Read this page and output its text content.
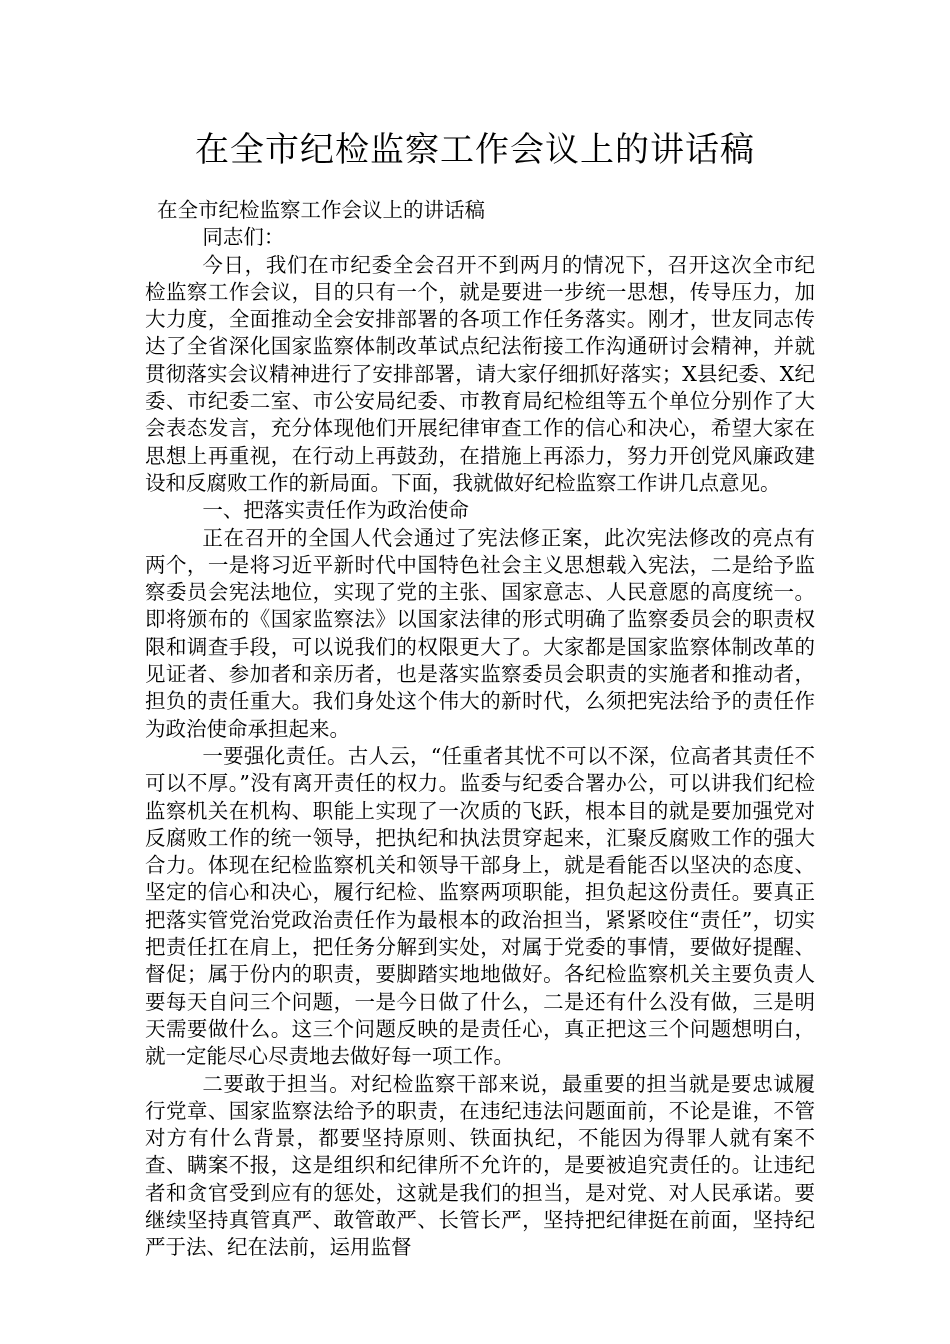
在全市纪检监察工作会议上的讲话稿

在全市纪检监察工作会议上的讲话稿

同志们：

今日，我们在市纪委全会召开不到两月的情况下，召开这次全市纪检监察工作会议，目的只有一个，就是要进一步统一思想，传导压力，加大力度，全面推动全会安排部署的各项工作任务落实。刚才，世友同志传达了全省深化国家监察体制改革试点纪法衔接工作沟通研讨会精神，并就贯彻落实会议精神进行了安排部署，请大家仔细抓好落实；X县纪委、X纪委、市纪委二室、市公安局纪委、市教育局纪检组等五个单位分别作了大会表态发言，充分体现他们开展纪律审查工作的信心和决心，希望大家在思想上再重视，在行动上再鼓劲，在措施上再添力，努力开创党风廉政建设和反腐败工作的新局面。下面，我就做好纪检监察工作讲几点意见。

一、把落实责任作为政治使命

正在召开的全国人代会通过了宪法修正案，此次宪法修改的亮点有两个，一是将习近平新时代中国特色社会主义思想载入宪法，二是给予监察委员会宪法地位，实现了党的主张、国家意志、人民意愿的高度统一。即将颁布的《国家监察法》以国家法律的形式明确了监察委员会的职责权限和调查手段，可以说我们的权限更大了。大家都是国家监察体制改革的见证者、参加者和亲历者，也是落实监察委员会职责的实施者和推动者，担负的责任重大。我们身处这个伟大的新时代，么须把宪法给予的责任作为政治使命承担起来。

一要强化责任。古人云，“任重者其忧不可以不深，位高者其责任不可以不厚。”没有离开责任的权力。监委与纪委合署办公，可以讲我们纪检监察机关在机构、职能上实现了一次质的飞跃，根本目的就是要加强党对反腐败工作的统一领导，把执纪和执法贯穿起来，汇聚反腐败工作的强大合力。体现在纪检监察机关和领导干部身上，就是看能否以坚决的态度、坚定的信心和决心，履行纪检、监察两项职能，担负起这份责任。要真正把落实管党治党政治责任作为最根本的政治担当，紧紧咬住“责任”，切实把责任扛在肩上，把任务分解到实处，对属于党委的事情，要做好提醒、督促；属于份内的职责，要脚踏实地地做好。各纪检监察机关主要负责人要每天自问三个问题，一是今日做了什么，二是还有什么没有做，三是明天需要做什么。这三个问题反映的是责任心，真正把这三个问题想明白，就一定能尽心尽责地去做好每一项工作。

二要敢于担当。对纪检监察干部来说，最重要的担当就是要忠诚履行党章、国家监察法给予的职责，在违纪违法问题面前，不论是谁，不管对方有什么背景，都要坚持原则、铁面执纪，不能因为得罪人就有案不查、瞒案不报，这是组织和纪律所不允许的，是要被追究责任的。让违纪者和贪官受到应有的惩处，这就是我们的担当，是对党、对人民承诺。要继续坚持真管真严、敢管敢严、长管长严，坚持把纪律挺在前面，坚持纪严于法、纪在法前，运用监督
